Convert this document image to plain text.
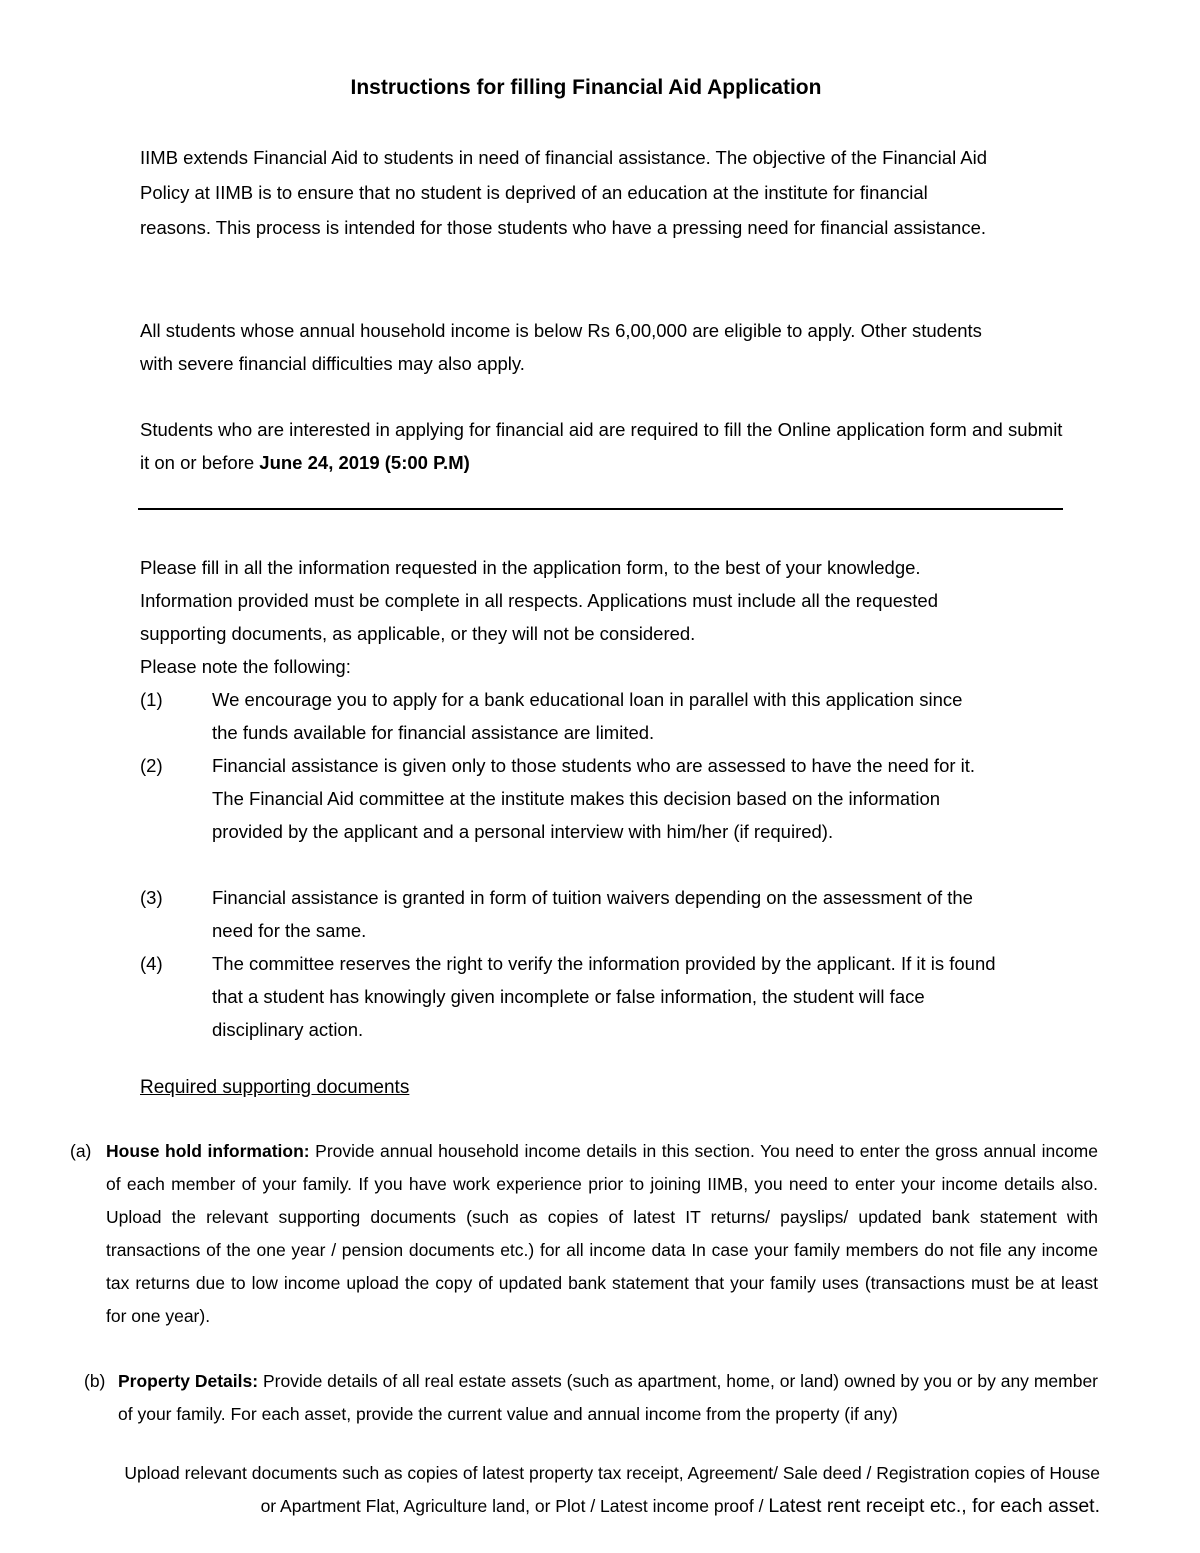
Instructions for filling Financial Aid Application

IIMB extends Financial Aid to students in need of financial assistance. The objective of the Financial Aid Policy at IIMB is to ensure that no student is deprived of an education at the institute for financial reasons. This process is intended for those students who have a pressing need for financial assistance.

All students whose annual household income is below Rs 6,00,000 are eligible to apply. Other students with severe financial difficulties may also apply.

Students who are interested in applying for financial aid are required to fill the Online application form and submit it on or before June 24, 2019 (5:00 P.M)

Please fill in all the information requested in the application form, to the best of your knowledge. Information provided must be complete in all respects. Applications must include all the requested supporting documents, as applicable, or they will not be considered.

Please note the following:

(1)	We encourage you to apply for a bank educational loan in parallel with this application since the funds available for financial assistance are limited.
(2)	Financial assistance is given only to those students who are assessed to have the need for it. The Financial Aid committee at the institute makes this decision based on the information provided by the applicant and a personal interview with him/her (if required).
(3)	Financial assistance is granted in form of tuition waivers depending on the assessment of the need for the same.
(4)	The committee reserves the right to verify the information provided by the applicant. If it is found that a student has knowingly given incomplete or false information, the student will face disciplinary action.
Required supporting documents
(a) House hold information: Provide annual household income details in this section. You need to enter the gross annual income of each member of your family. If you have work experience prior to joining IIMB, you need to enter your income details also. Upload the relevant supporting documents (such as copies of latest IT returns/ payslips/ updated bank statement with transactions of the one year / pension documents etc.) for all income data In case your family members do not file any income tax returns due to low income upload the copy of updated bank statement that your family uses (transactions must be at least for one year).
(b) Property Details: Provide details of all real estate assets (such as apartment, home, or land) owned by you or by any member of your family. For each asset, provide the current value and annual income from the property (if any)
Upload relevant documents such as copies of latest property tax receipt, Agreement/ Sale deed / Registration copies of House or Apartment Flat, Agriculture land, or Plot / Latest income proof / Latest rent receipt etc., for each asset.
